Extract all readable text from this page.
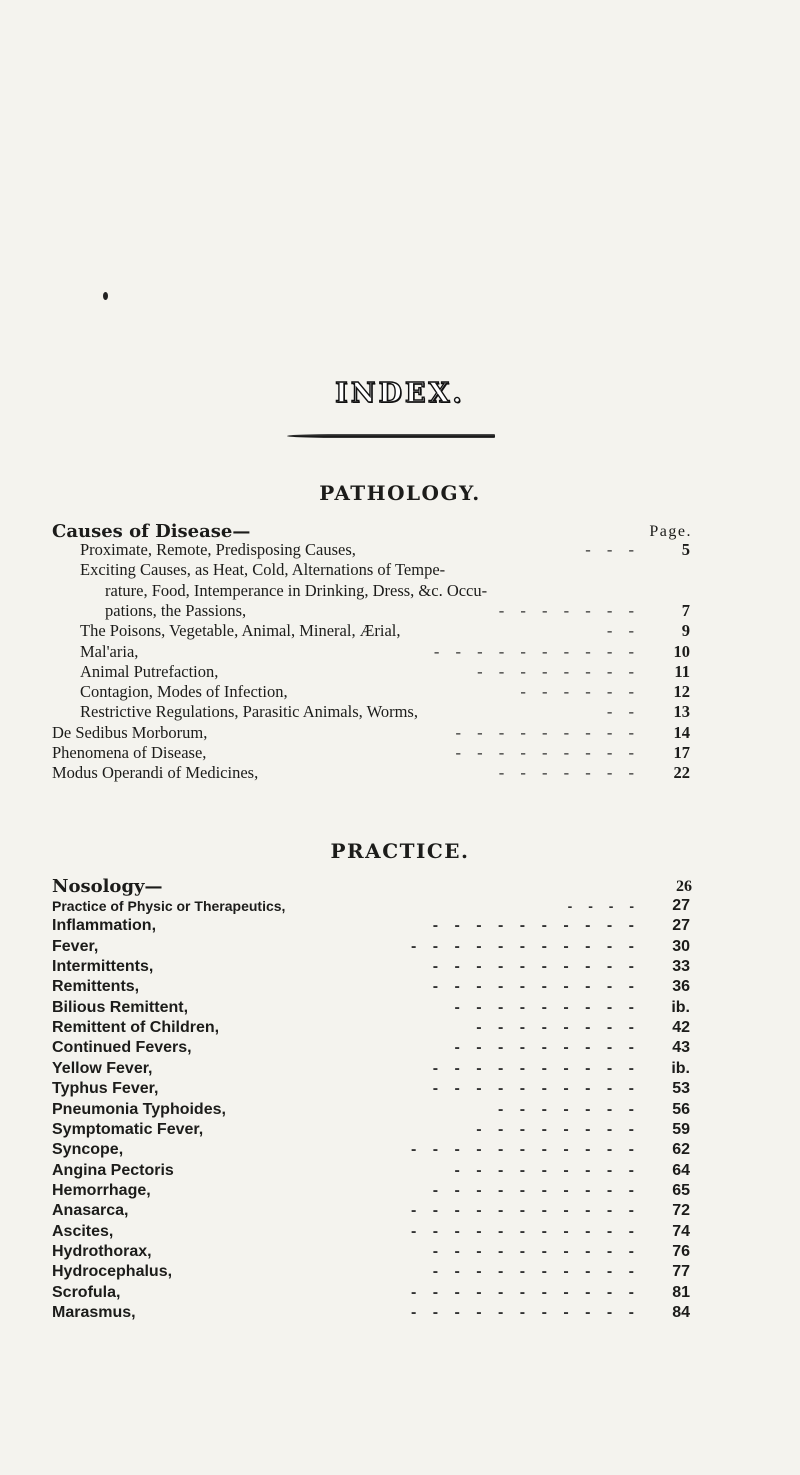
INDEX.
PATHOLOGY.
Causes of Disease—	Page.
Proximate, Remote, Predisposing Causes,	- - -	5
Exciting Causes, as Heat, Cold, Alternations of Tempe-
rature, Food, Intemperance in Drinking, Dress, &c. Occu-
pations, the Passions,	- - - - - - -	7
The Poisons, Vegetable, Animal, Mineral, Ærial,	- -	9
Mal'aria,	- - - - - - - - - - 10
Animal Putrefaction,	- - - - - - - - 11
Contagion, Modes of Infection,	- - - - - - 12
Restrictive Regulations, Parasitic Animals, Worms,	- - 13
De Sedibus Morborum,	- - - - - - - - - 14
Phenomena of Disease,	- - - - - - - - - 17
Modus Operandi of Medicines,	- - - - - - - 22
PRACTICE.
Nosology—	26
Practice of Physic or Therapeutics,	- - - - 27
Inflammation,	- - - - - - - - - - 27
Fever,	- - - - - - - - - - - 30
Intermittents,	- - - - - - - - - - 33
Remittents,	- - - - - - - - - - 36
Bilious Remittent,	- - - - - - - - - ib.
Remittent of Children,	- - - - - - - - 42
Continued Fevers,	- - - - - - - - - 43
Yellow Fever,	- - - - - - - - - - ib.
Typhus Fever,	- - - - - - - - - - 53
Pneumonia Typhoides,	- - - - - - - 56
Symptomatic Fever,	- - - - - - - - 59
Syncope,	- - - - - - - - - - - 62
Angina Pectoris	- - - - - - - - - 64
Hemorrhage,	- - - - - - - - - - 65
Anasarca,	- - - - - - - - - - - 72
Ascites,	- - - - - - - - - - - 74
Hydrothorax,	- - - - - - - - - - 76
Hydrocephalus,	- - - - - - - - - - 77
Scrofula,	- - - - - - - - - - - 81
Marasmus,	- - - - - - - - - - - 84
